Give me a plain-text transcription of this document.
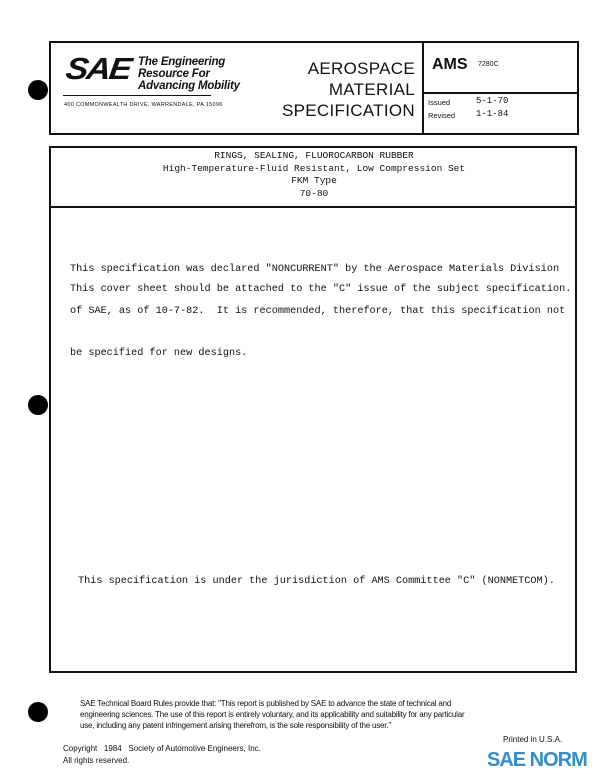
SAE The Engineering
Resource For
Advancing Mobility
400 COMMONWEALTH DRIVE, WARRENDALE, PA 15096
AEROSPACE
MATERIAL
SPECIFICATION
AMS 7280C
Issued	5-1-70
Revised 1-1-84
RINGS, SEALING, FLUOROCARBON RUBBER
High-Temperature-Fluid Resistant, Low Compression Set
FKM Type
70-80

This specification was declared "NONCURRENT" by the Aerospace Materials Division

of SAE, as of 10-7-82.  It is recommended, therefore, that this specification not

be specified for new designs.

This cover sheet should be attached to the "C" issue of the subject specification.
This specification is under the jurisdiction of AMS Committee "C" (NONMETCOM).
SAE Technical Board Rules provide that: "This report is published by SAE to advance the state of technical and
engineering sciences. The use of this report is entirely voluntary, and its applicability and suitability for any particular
use, including any patent infringement arising therefrom, is the sole responsibility of the user."
Copyright   1984   Society of Automotive Engineers, Inc.
All rights reserved.
Printed in U.S.A.
SAE NORM
